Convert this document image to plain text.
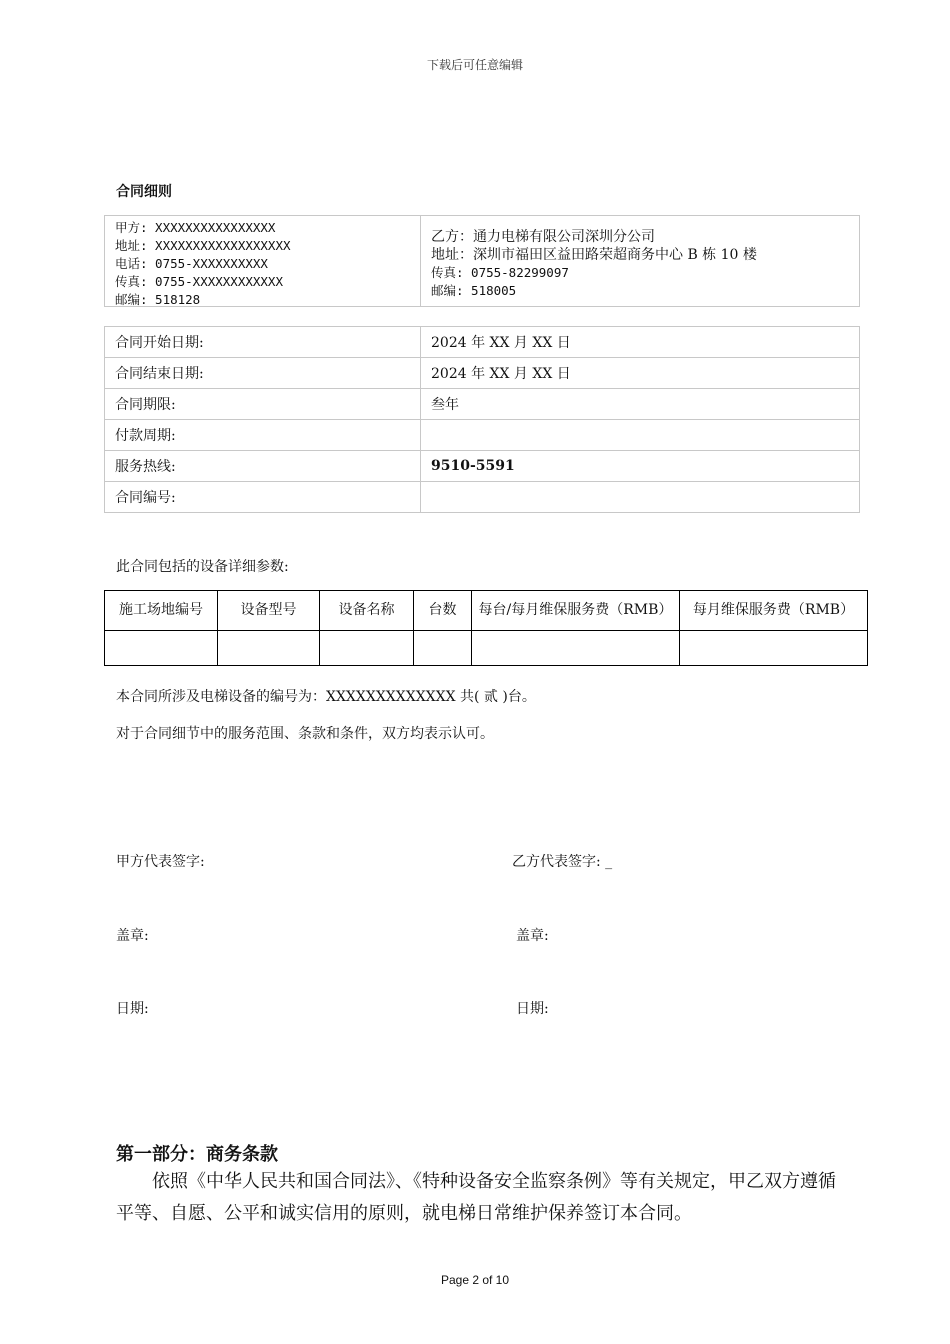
下载后可任意编辑
合同细则
甲方: XXXXXXXXXXXXXXXX
地址: XXXXXXXXXXXXXXXXXX
电话: 0755-XXXXXXXXXX
传真: 0755-XXXXXXXXXXXX
邮编: 518128
乙方：通力电梯有限公司深圳分公司
地址：深圳市福田区益田路荣超商务中心 B 栋 10 楼
传真: 0755-82299097
邮编: 518005
合同开始日期:	2024 年 XX 月 XX 日
合同结束日期:	2024 年 XX 月 XX 日
合同期限:	叁年
付款周期:	
服务热线:	9510-5591
合同编号:	
此合同包括的设备详细参数:
施工场地编号	设备型号	设备名称	台数	每台/每月维保服务费（RMB）	每月维保服务费（RMB）

本合同所涉及电梯设备的编号为：XXXXXXXXXXXXX 共( 贰 )台。
对于合同细节中的服务范围、条款和条件，双方均表示认可。
甲方代表签字:	乙方代表签字: _
盖章:	盖章:
日期:	日期:
第一部分：商务条款
依照《中华人民共和国合同法》、《特种设备安全监察条例》等有关规定，甲乙双方遵循平等、自愿、公平和诚实信用的原则，就电梯日常维护保养签订本合同。
Page 2 of 10
